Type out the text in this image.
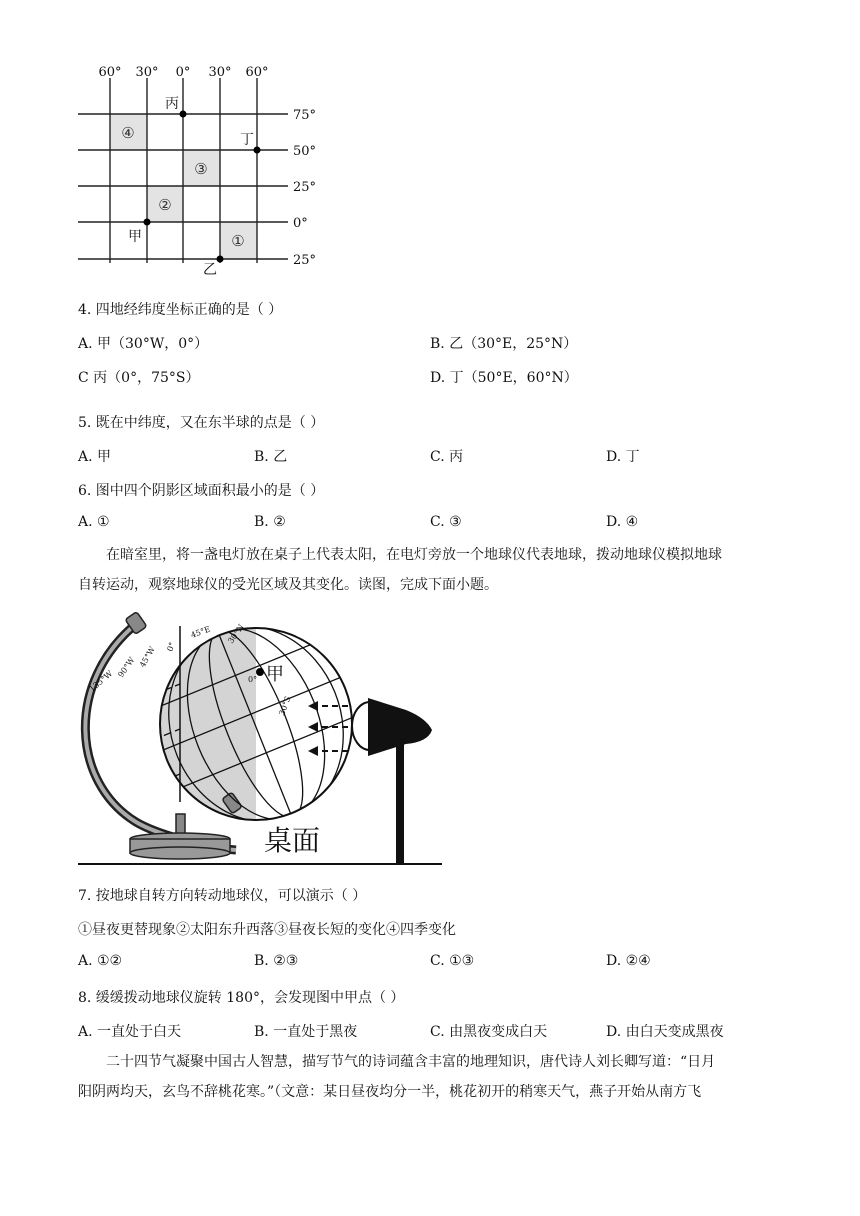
60° 30° 0° 30° 60°
75°
50°
25°
0°
25°
④
③
②
①
丙
丁
甲
乙
4. 四地经纬度坐标正确的是（ ）
A. 甲（30°W，0°）	B. 乙（30°E，25°N）
C 丙（0°，75°S）	D. 丁（50°E，60°N）
5. 既在中纬度，又在东半球的点是（ ）
A. 甲	B. 乙	C. 丙	D. 丁
6. 图中四个阴影区域面积最小的是（ ）
A. ①	B. ②	C. ③	D. ④
在暗室里，将一盏电灯放在桌子上代表太阳，在电灯旁放一个地球仪代表地球，拨动地球仪模拟地球
自转运动，观察地球仪的受光区域及其变化。读图，完成下面小题。
135°W
90°W 45°W 0°
45°E 30°N
0°
30°S
甲
桌面
7. 按地球自转方向转动地球仪，可以演示（ ）
①昼夜更替现象②太阳东升西落③昼夜长短的变化④四季变化
A. ①②	B. ②③	C. ①③	D. ②④
8. 缓缓拨动地球仪旋转 180°，会发现图中甲点（ ）
A. 一直处于白天	B. 一直处于黑夜	C. 由黑夜变成白天	D. 由白天变成黑夜
二十四节气凝聚中国古人智慧，描写节气的诗词蕴含丰富的地理知识，唐代诗人刘长卿写道：“日月
阳阴两均天，玄鸟不辞桃花寒。”（文意：某日昼夜均分一半，桃花初开的稍寒天气，燕子开始从南方飞
